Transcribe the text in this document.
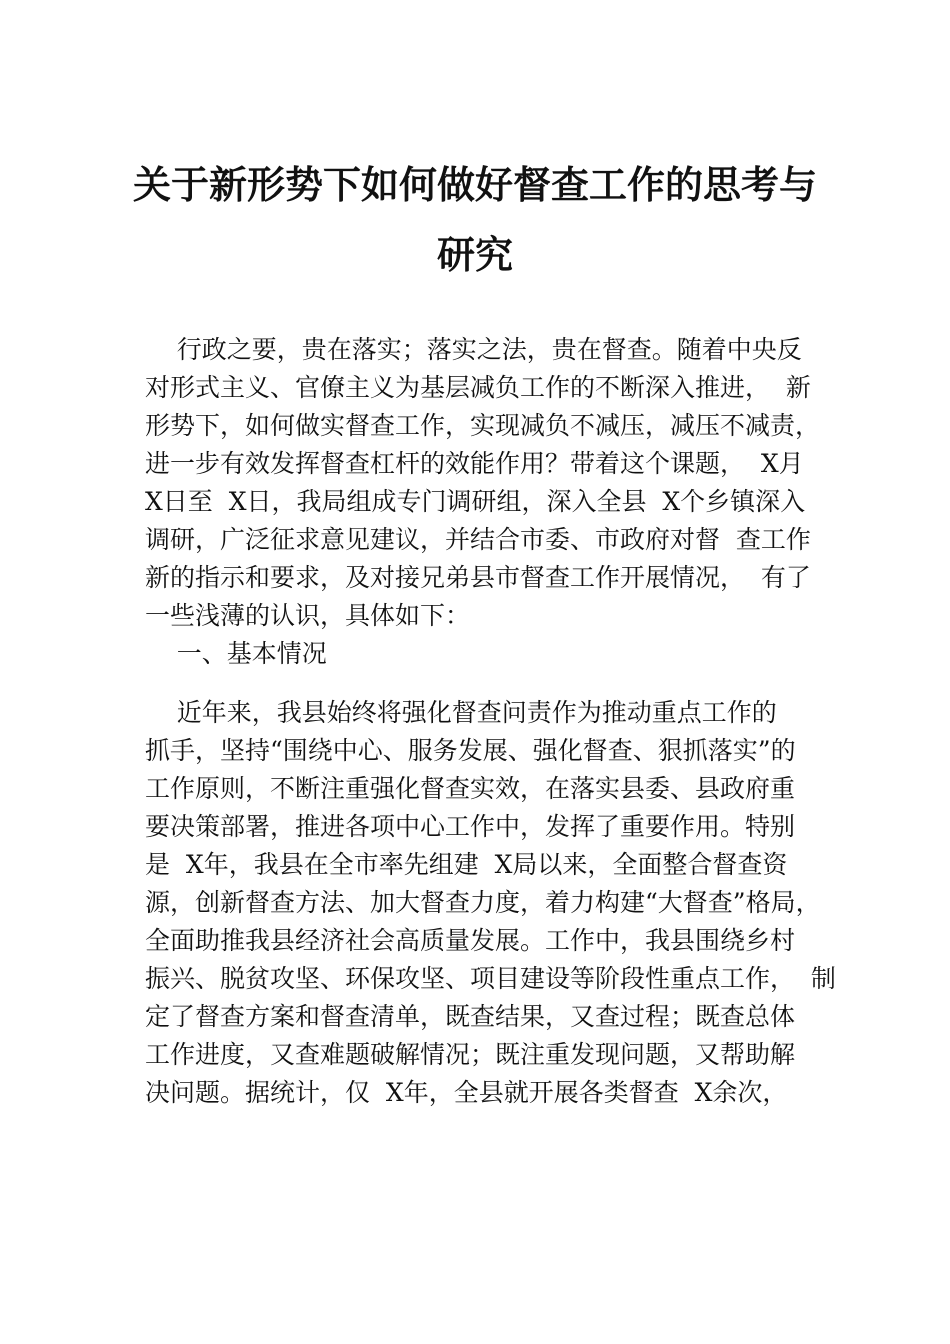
关于新形势下如何做好督查工作的思考与
研究
行政之要，贵在落实；落实之法，贵在督查。随着中央反
对形式主义、官僚主义为基层减负工作的不断深入推进，  新
形势下，如何做实督查工作，实现减负不减压，减压不减责，
进一步有效发挥督查杠杆的效能作用？带着这个课题，  X月
X日至  X日，我局组成专门调研组，深入全县  X个乡镇深入
调研，广泛征求意见建议，并结合市委、市政府对督  查工作
新的指示和要求，及对接兄弟县市督查工作开展情况，  有了
一些浅薄的认识，具体如下：
一、基本情况
近年来，我县始终将强化督查问责作为推动重点工作的
抓手，坚持“围绕中心、服务发展、强化督查、狠抓落实”的
工作原则，不断注重强化督查实效，在落实县委、县政府重
要决策部署，推进各项中心工作中，发挥了重要作用。特别
是  X年，我县在全市率先组建  X局以来，全面整合督查资
源，创新督查方法、加大督查力度，着力构建“大督查”格局，
全面助推我县经济社会高质量发展。工作中，我县围绕乡村
振兴、脱贫攻坚、环保攻坚、项目建设等阶段性重点工作，  制
定了督查方案和督查清单，既查结果，又查过程；既查总体
工作进度，又查难题破解情况；既注重发现问题，又帮助解
决问题。据统计，仅  X年，全县就开展各类督查  X余次，
